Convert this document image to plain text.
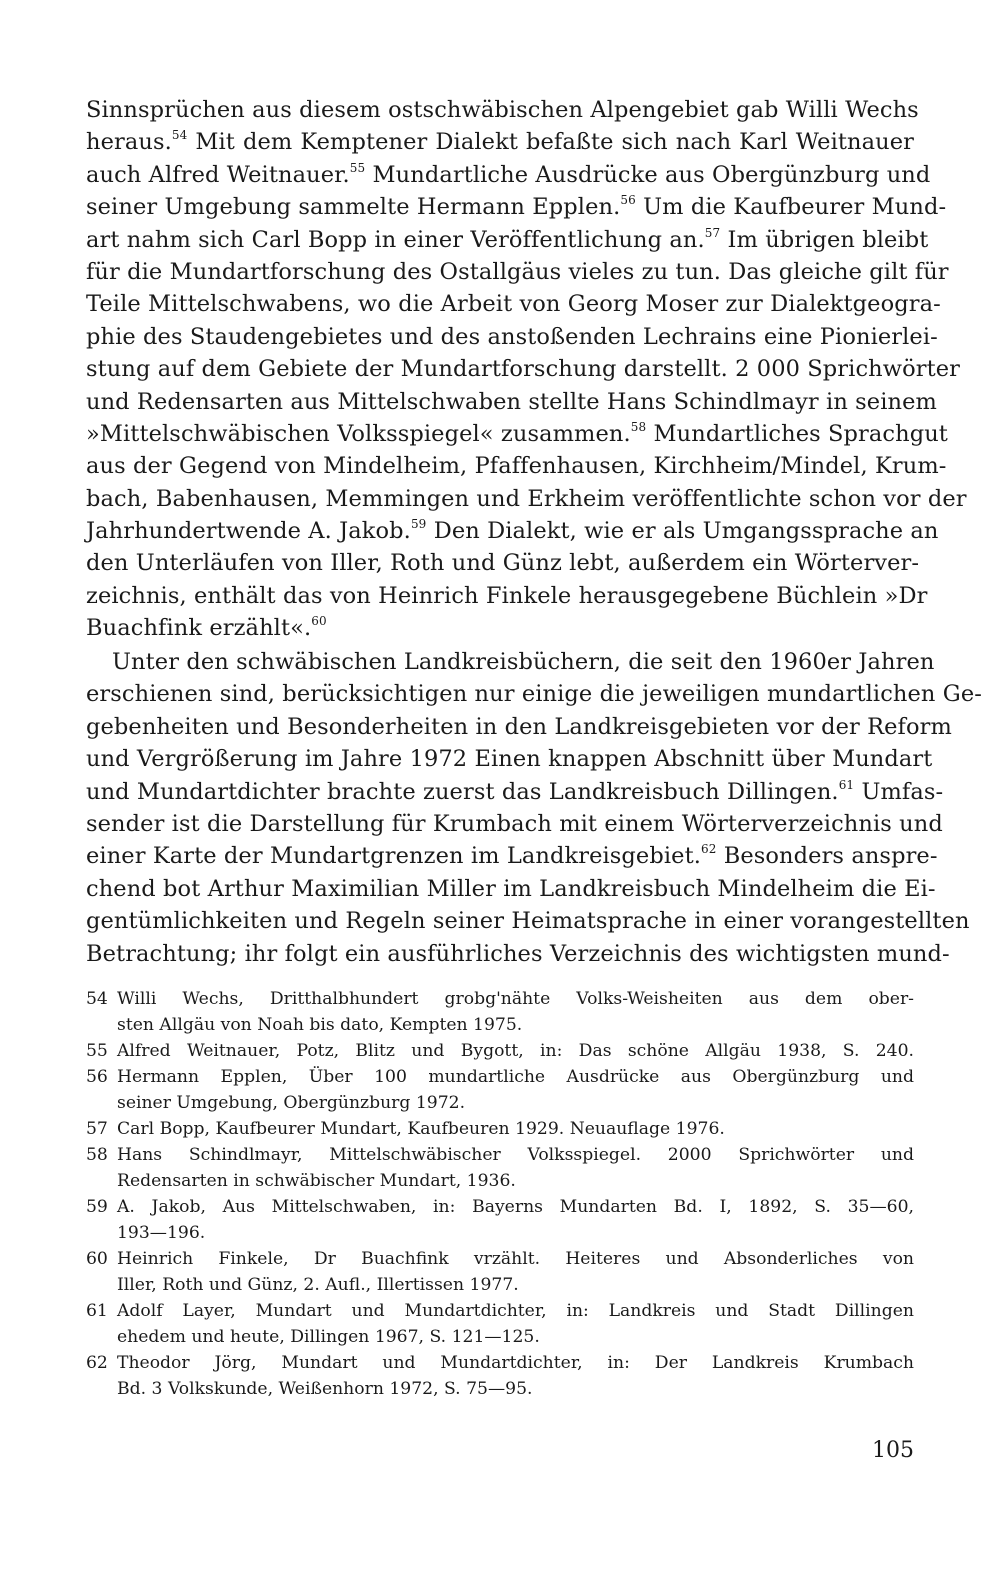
Sinnsprüchen aus diesem ostschwäbischen Alpengebiet gab Willi Wechs
heraus.$^{54}$ Mit dem Kemptener Dialekt befaßte sich nach Karl Weitnauer
auch Alfred Weitnauer.$^{55}$ Mundartliche Ausdrücke aus Obergünzburg und
seiner Umgebung sammelte Hermann Epplen.$^{56}$ Um die Kaufbeurer Mund-
art nahm sich Carl Bopp in einer Veröffentlichung an.$^{57}$ Im übrigen bleibt
für die Mundartforschung des Ostallgäus vieles zu tun. Das gleiche gilt für
Teile Mittelschwabens, wo die Arbeit von Georg Moser zur Dialektgeogra-
phie des Staudengebietes und des anstoßenden Lechrains eine Pionierlei-
stung auf dem Gebiete der Mundartforschung darstellt. 2 000 Sprichwörter
und Redensarten aus Mittelschwaben stellte Hans Schindlmayr in seinem
»Mittelschwäbischen Volksspiegel« zusammen.$^{58}$ Mundartliches Sprachgut
aus der Gegend von Mindelheim, Pfaffenhausen, Kirchheim/Mindel, Krum-
bach, Babenhausen, Memmingen und Erkheim veröffentlichte schon vor der
Jahrhundertwende A. Jakob.$^{59}$ Den Dialekt, wie er als Umgangssprache an
den Unterläufen von Iller, Roth und Günz lebt, außerdem ein Wörterver-
zeichnis, enthält das von Heinrich Finkele herausgegebene Büchlein »Dr
Buachfink erzählt«.$^{60}$
Unter den schwäbischen Landkreisbüchern, die seit den 1960er Jahren
erschienen sind, berücksichtigen nur einige die jeweiligen mundartlichen Ge-
gebenheiten und Besonderheiten in den Landkreisgebieten vor der Reform
und Vergrößerung im Jahre 1972 Einen knappen Abschnitt über Mundart
und Mundartdichter brachte zuerst das Landkreisbuch Dillingen.$^{61}$ Umfas-
sender ist die Darstellung für Krumbach mit einem Wörterverzeichnis und
einer Karte der Mundartgrenzen im Landkreisgebiet.$^{62}$ Besonders anspre-
chend bot Arthur Maximilian Miller im Landkreisbuch Mindelheim die Ei-
gentümlichkeiten und Regeln seiner Heimatsprache in einer vorangestellten
Betrachtung; ihr folgt ein ausführliches Verzeichnis des wichtigsten mund-
54 Willi Wechs, Dritthalbhundert grobg'nähte Volks-Weisheiten aus dem ober-
sten Allgäu von Noah bis dato, Kempten 1975.
55 Alfred Weitnauer, Potz, Blitz und Bygott, in: Das schöne Allgäu 1938, S. 240.
56 Hermann Epplen, Über 100 mundartliche Ausdrücke aus Obergünzburg und
seiner Umgebung, Obergünzburg 1972.
57 Carl Bopp, Kaufbeurer Mundart, Kaufbeuren 1929. Neuauflage 1976.
58 Hans Schindlmayr, Mittelschwäbischer Volksspiegel. 2000 Sprichwörter und
Redensarten in schwäbischer Mundart, 1936.
59 A. Jakob, Aus Mittelschwaben, in: Bayerns Mundarten Bd. I, 1892, S. 35—60,
193—196.
60 Heinrich Finkele, Dr Buachfink vrzählt. Heiteres und Absonderliches von
Iller, Roth und Günz, 2. Aufl., Illertissen 1977.
61 Adolf Layer, Mundart und Mundartdichter, in: Landkreis und Stadt Dillingen
ehedem und heute, Dillingen 1967, S. 121—125.
62 Theodor Jörg, Mundart und Mundartdichter, in: Der Landkreis Krumbach
Bd. 3 Volkskunde, Weißenhorn 1972, S. 75—95.
105
